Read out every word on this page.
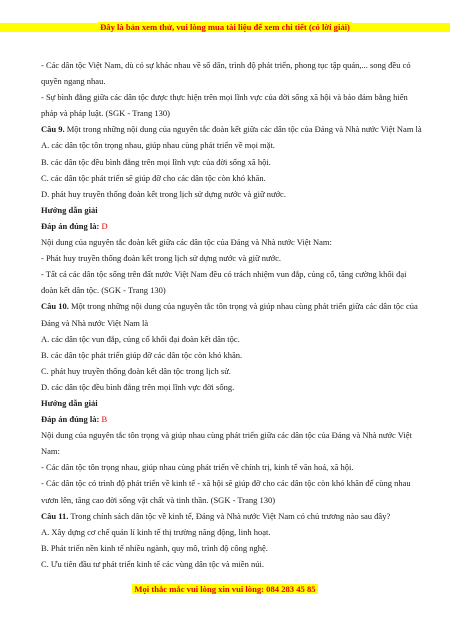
Đây là bản xem thử, vui lòng mua tài liệu để xem chi tiết (có lời giải)

- Các dân tộc Việt Nam, dù có sự khác nhau về số dân, trình độ phát triển, phong tục tập quán,... song đều có quyền ngang nhau.

- Sự bình đẳng giữa các dân tộc được thực hiện trên mọi lĩnh vực của đời sống xã hội và bảo đảm bằng hiến pháp và pháp luật. (SGK - Trang 130)

Câu 9. Một trong những nội dung của nguyên tắc đoàn kết giữa các dân tộc của Đảng và Nhà nước Việt Nam là

A. các dân tộc tôn trọng nhau, giúp nhau cùng phát triển về mọi mặt.

B. các dân tộc đều bình đẳng trên mọi lĩnh vực của đời sống xã hội.

C. các dân tộc phát triển sẽ giúp đỡ cho các dân tộc còn khó khăn.

D. phát huy truyền thống đoàn kết trong lịch sử dựng nước và giữ nước.

Hướng dẫn giải

Đáp án đúng là: D

Nội dung của nguyên tắc đoàn kết giữa các dân tộc của Đảng và Nhà nước Việt Nam:

- Phát huy truyền thống đoàn kết trong lịch sử dựng nước và giữ nước.

- Tất cả các dân tộc sống trên đất nước Việt Nam đều có trách nhiệm vun đắp, củng cố, tăng cường khối đại đoàn kết dân tộc. (SGK - Trang 130)

Câu 10. Một trong những nội dung của nguyên tắc tôn trọng và giúp nhau cùng phát triển giữa các dân tộc của Đảng và Nhà nước Việt Nam là

A. các dân tộc vun đắp, củng cố khối đại đoàn kết dân tộc.

B. các dân tộc phát triển giúp đỡ các dân tộc còn khó khăn.

C. phát huy truyền thống đoàn kết dân tộc trong lịch sử.

D. các dân tộc đều bình đẳng trên mọi lĩnh vực đời sống.

Hướng dẫn giải

Đáp án đúng là: B

Nội dung của nguyên tắc tôn trọng và giúp nhau cùng phát triển giữa các dân tộc của Đảng và Nhà nước Việt Nam:

- Các dân tộc tôn trọng nhau, giúp nhau cùng phát triển về chính trị, kinh tế văn hoá, xã hội.

- Các dân tộc có trình độ phát triển về kinh tế - xã hội sẽ giúp đỡ cho các dân tộc còn khó khăn để cùng nhau vươn lên, tăng cao đời sống vật chất và tinh thần. (SGK - Trang 130)

Câu 11. Trong chính sách dân tộc về kinh tế, Đảng và Nhà nước Việt Nam có chủ trương nào sau đây?

A. Xây dựng cơ chế quản lí kinh tế thị trường năng động, linh hoạt.

B. Phát triển nền kinh tế nhiều ngành, quy mô, trình độ công nghệ.

C. Ưu tiên đầu tư phát triển kinh tế các vùng dân tộc và miền núi.

Mọi thắc mắc vui lòng xin vui lòng: 084 283 45 85
